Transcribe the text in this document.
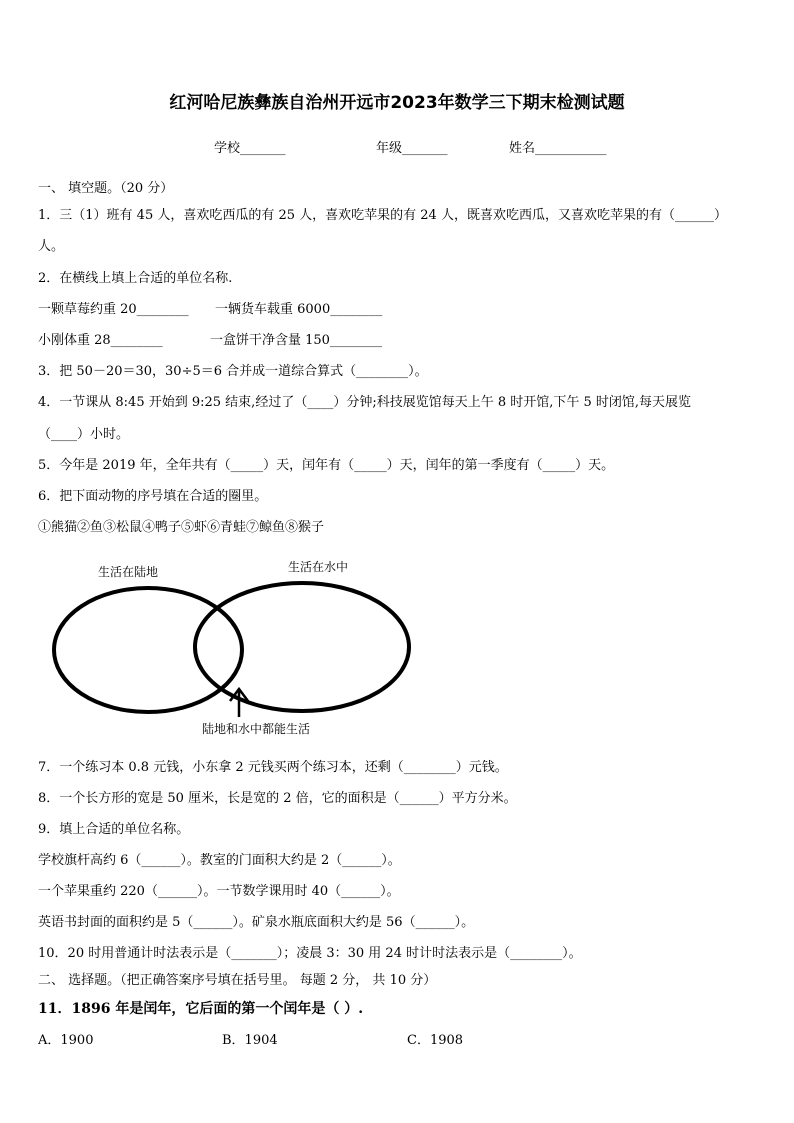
红河哈尼族彝族自治州开远市2023年数学三下期末检测试题
学校_______	年级_______	姓名___________
一、 填空题。（20 分）
1．三（1）班有 45 人，喜欢吃西瓜的有 25 人，喜欢吃苹果的有 24 人，既喜欢吃西瓜，又喜欢吃苹果的有（______）
人。
2．在横线上填上合适的单位名称.
一颗草莓约重 20________ 一辆货车载重 6000________
小刚体重 28________	一盒饼干净含量 150________
3．把 50－20＝30，30÷5＝6 合并成一道综合算式（________）。
4．一节课从 8:45 开始到 9:25 结束,经过了（____）分钟;科技展览馆每天上午 8 时开馆,下午 5 时闭馆,每天展览
（____）小时。
5．今年是 2019 年，全年共有（_____）天，闰年有（_____）天，闰年的第一季度有（_____）天。
6．把下面动物的序号填在合适的圈里。
①熊猫②鱼③松鼠④鸭子⑤虾⑥青蛙⑦鲸鱼⑧猴子
生活在陆地	生活在水中
陆地和水中都能生活
7．一个练习本 0.8 元钱，小东拿 2 元钱买两个练习本，还剩（________）元钱。
8．一个长方形的宽是 50 厘米，长是宽的 2 倍，它的面积是（______）平方分米。
9．填上合适的单位名称。
学校旗杆高约 6（______）。教室的门面积大约是 2（______）。
一个苹果重约 220（______）。一节数学课用时 40（______）。
英语书封面的面积约是 5（______）。矿泉水瓶底面积大约是 56（______）。
10．20 时用普通计时法表示是（_______）；凌晨 3：30 用 24 时计时法表示是（________）。
二、 选择题。（把正确答案序号填在括号里。 每题 2 分， 共 10 分）
11．1896 年是闰年，它后面的第一个闰年是（ ）.
A．1900	B．1904	C．1908
